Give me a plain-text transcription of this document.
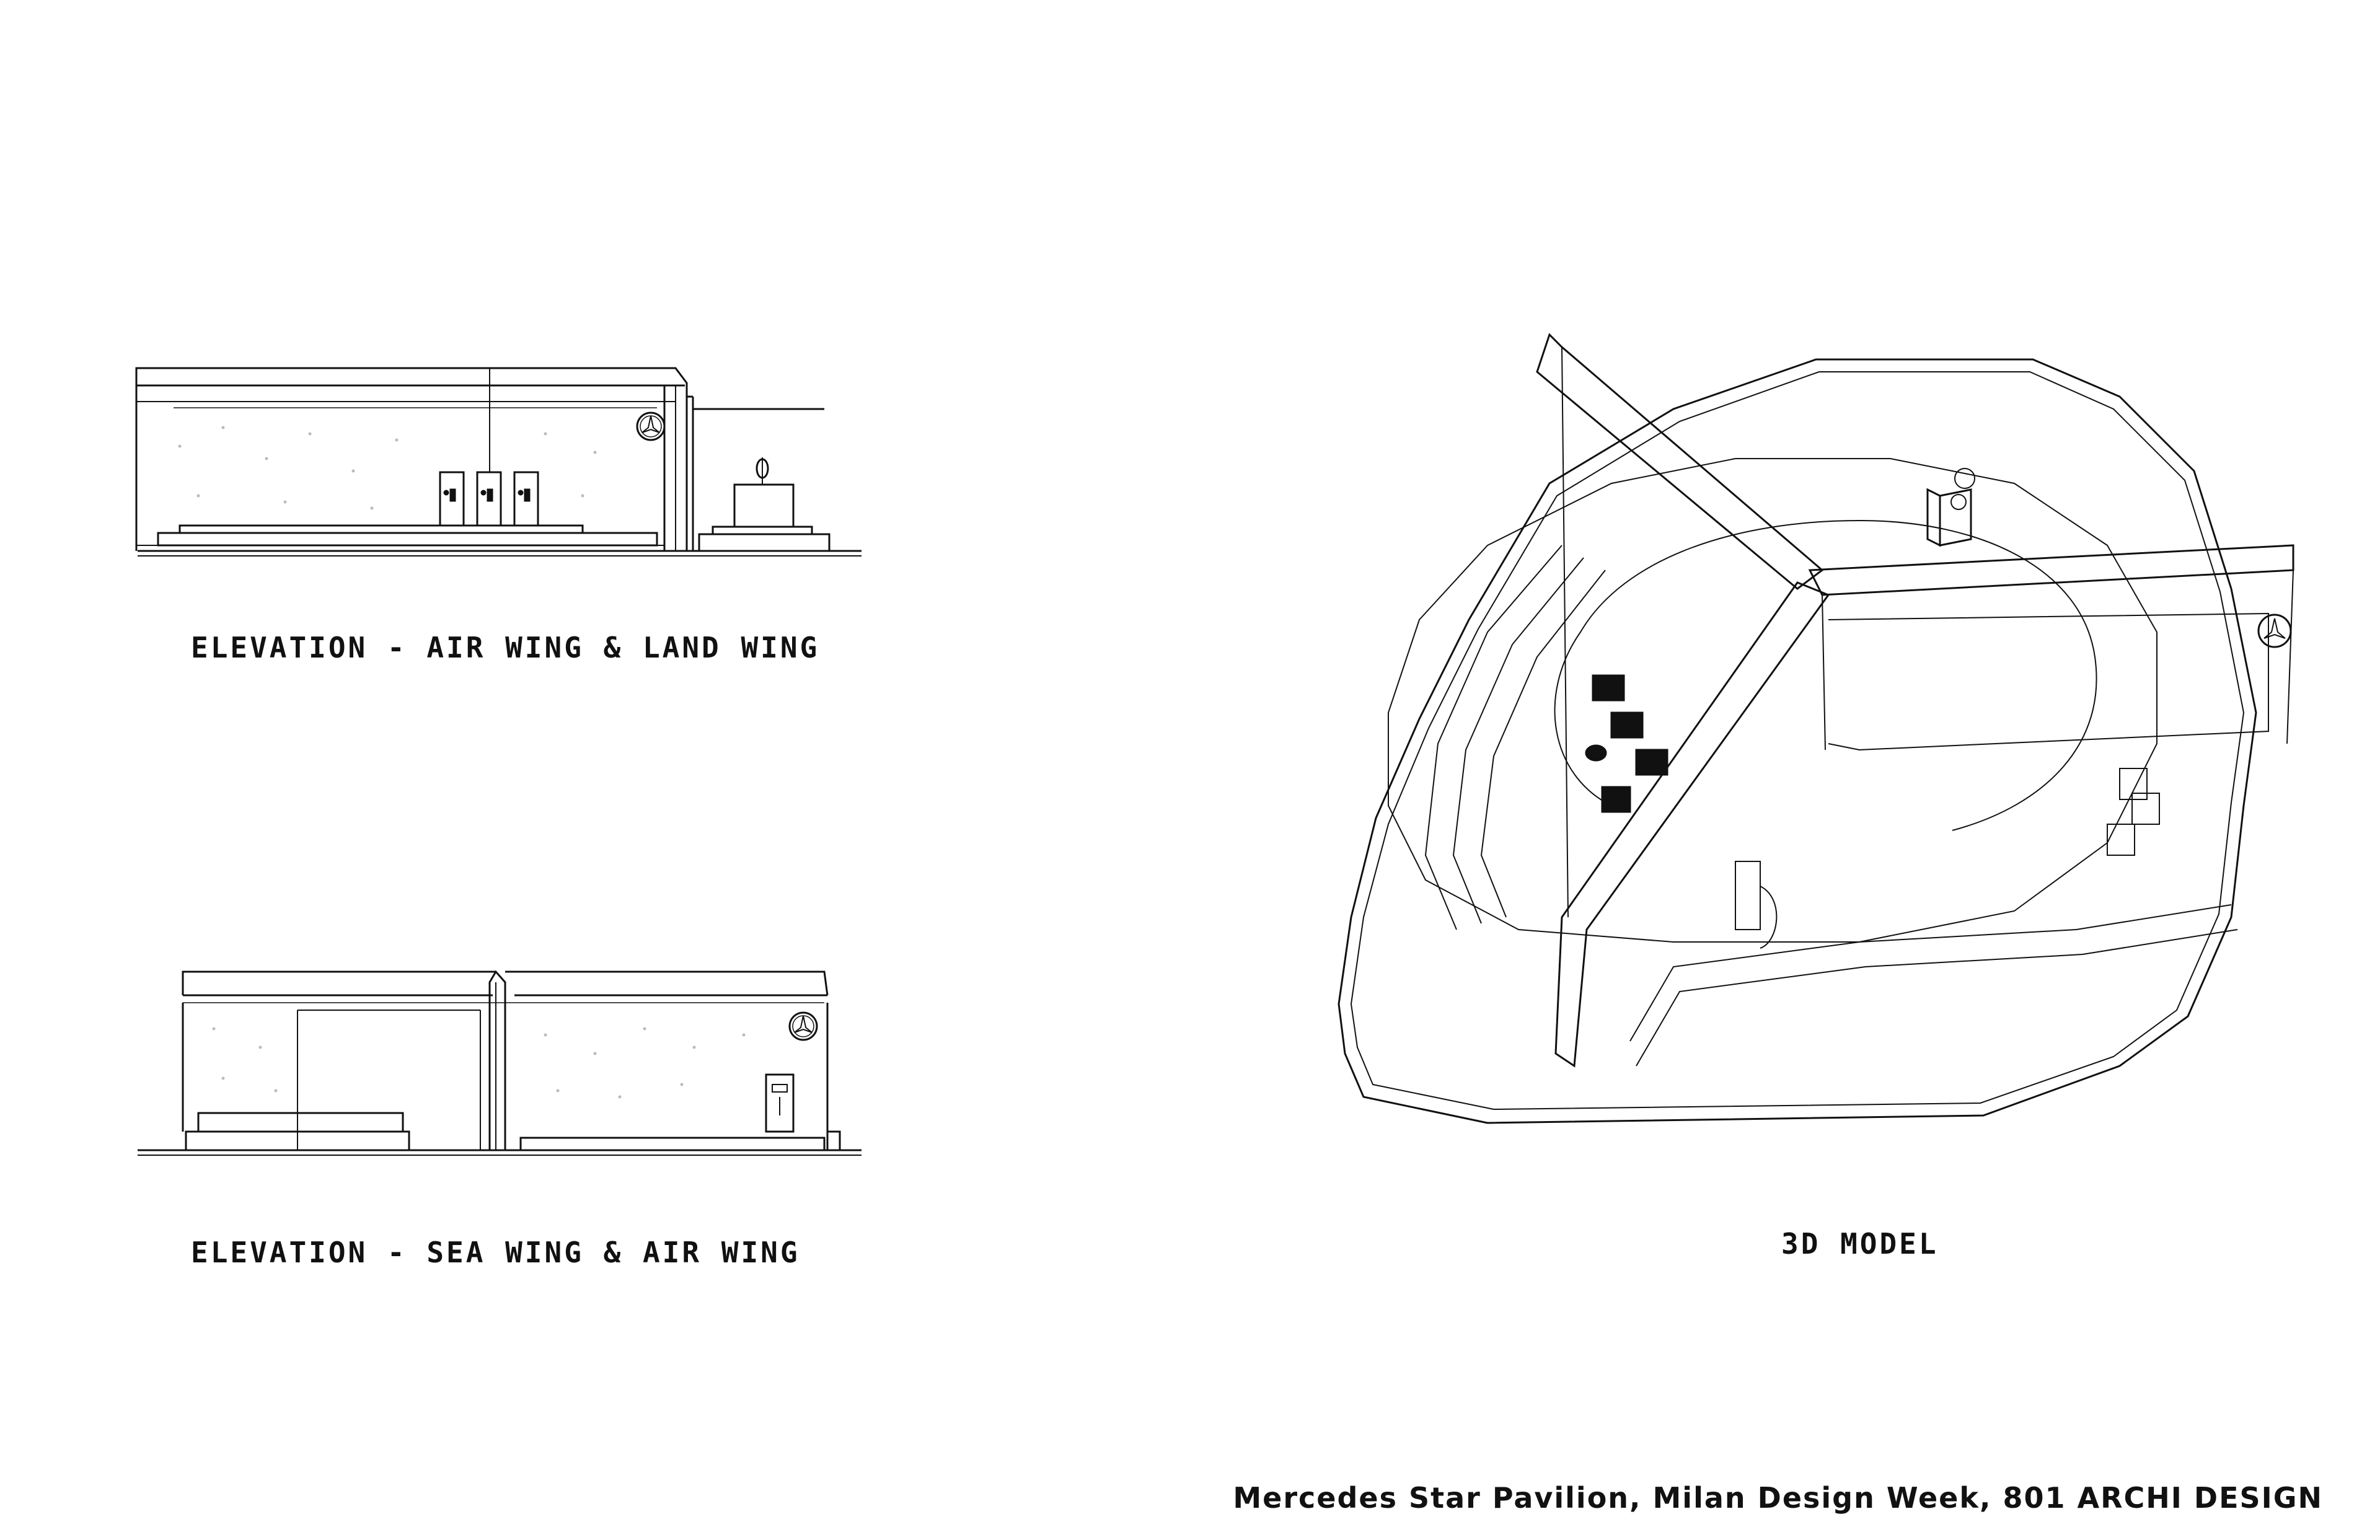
ELEVATION - AIR WING & LAND WING
ELEVATION - SEA WING & AIR WING	3D MODEL
Mercedes Star Pavilion, Milan Design Week, 801 ARCHI DESIGN
